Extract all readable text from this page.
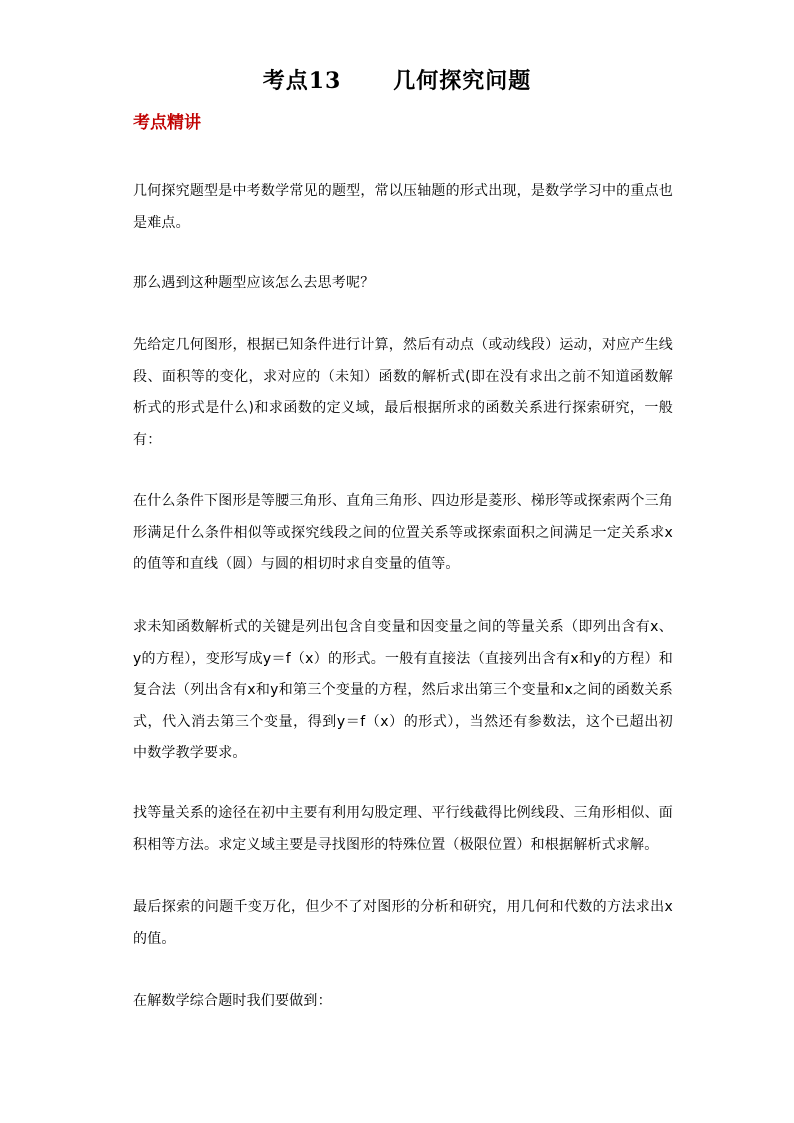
考点13      几何探究问题
考点精讲

几何探究题型是中考数学常见的题型，常以压轴题的形式出现，是数学学习中的重点也是难点。

那么遇到这种题型应该怎么去思考呢？

先给定几何图形，根据已知条件进行计算，然后有动点（或动线段）运动，对应产生线段、面积等的变化，求对应的（未知）函数的解析式(即在没有求出之前不知道函数解析式的形式是什么)和求函数的定义域，最后根据所求的函数关系进行探索研究，一般有：

在什么条件下图形是等腰三角形、直角三角形、四边形是菱形、梯形等或探索两个三角形满足什么条件相似等或探究线段之间的位置关系等或探索面积之间满足一定关系求x的值等和直线（圆）与圆的相切时求自变量的值等。

求未知函数解析式的关键是列出包含自变量和因变量之间的等量关系（即列出含有x、y的方程），变形写成y＝f（x）的形式。一般有直接法（直接列出含有x和y的方程）和复合法（列出含有x和y和第三个变量的方程，然后求出第三个变量和x之间的函数关系式，代入消去第三个变量，得到y＝f（x）的形式），当然还有参数法，这个已超出初中数学教学要求。

找等量关系的途径在初中主要有利用勾股定理、平行线截得比例线段、三角形相似、面积相等方法。求定义域主要是寻找图形的特殊位置（极限位置）和根据解析式求解。

最后探索的问题千变万化，但少不了对图形的分析和研究，用几何和代数的方法求出x的值。

在解数学综合题时我们要做到：
